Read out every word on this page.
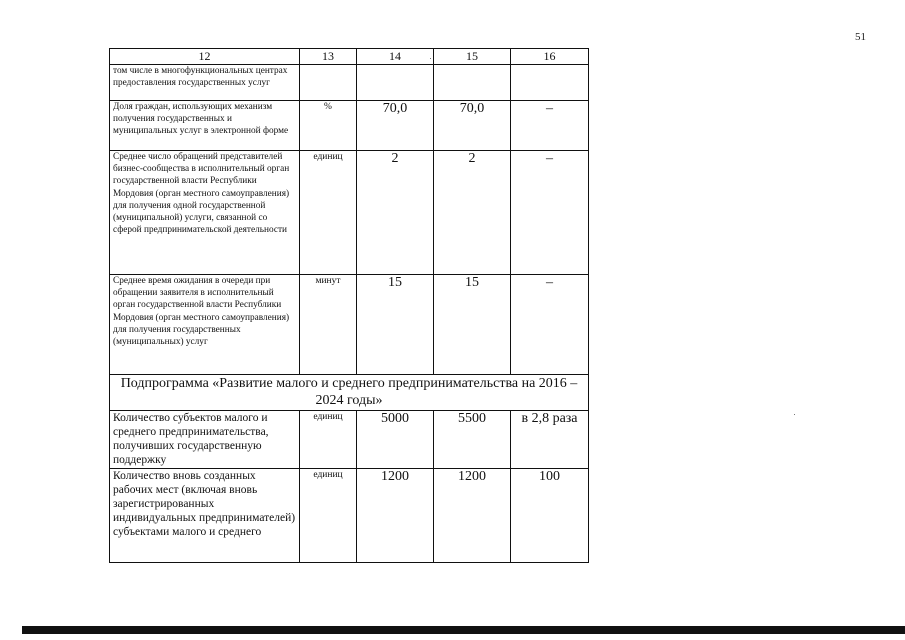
51
12	13	14	15	16
том числе в многофункциональных центрах предоставления государственных услуг				
Доля граждан, использующих механизм получения государственных и муниципальных услуг в электронной форме	%	70,0	70,0	–
Среднее число обращений представителей бизнес-сообщества в исполнительный орган государственной власти Республики Мордовия (орган местного самоуправления) для получения одной государственной (муниципальной) услуги, связанной со сферой предпринимательской деятельности	единиц	2	2	–
Среднее время ожидания в очереди при обращении заявителя в исполнительный орган государственной власти Республики Мордовия (орган местного самоуправления) для получения государственных (муниципальных) услуг	минут	15	15	–
Подпрограмма «Развитие малого и среднего предпринимательства на 2016 – 2024 годы»				
Количество субъектов малого и среднего предпринимательства, получивших государственную поддержку	единиц	5000	5500	в 2,8 раза
Количество вновь созданных рабочих мест (включая вновь зарегистрированных индивидуальных предпринимателей) субъектами малого и среднего	единиц	1200	1200	100
